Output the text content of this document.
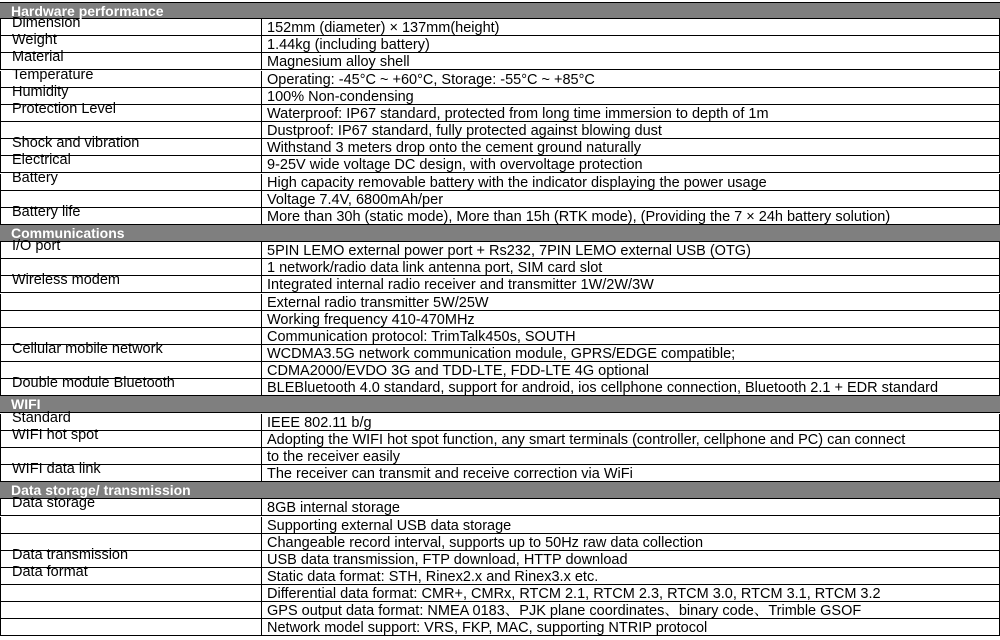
Hardware performance
Dimension	152mm (diameter) × 137mm(height)
Weight	1.44kg (including battery)
Material	Magnesium alloy shell
Temperature	Operating: -45°C ~ +60°C, Storage: -55°C ~ +85°C
Humidity	100% Non-condensing
Protection Level	Waterproof: IP67 standard, protected from long time immersion to depth of 1m
Dustproof: IP67 standard, fully protected against blowing dust
Shock and vibration	Withstand 3 meters drop onto the cement ground naturally
Electrical	9-25V wide voltage DC design, with overvoltage protection
Battery	High capacity removable battery with the indicator displaying the power usage
Voltage 7.4V, 6800mAh/per
Battery life	More than 30h (static mode), More than 15h (RTK mode), (Providing the 7 × 24h battery solution)
Communications
I/O port	5PIN LEMO external power port + Rs232, 7PIN LEMO external USB (OTG)
1 network/radio data link antenna port, SIM card slot
Wireless modem	Integrated internal radio receiver and transmitter 1W/2W/3W
External radio transmitter 5W/25W
Working frequency 410-470MHz
Communication protocol: TrimTalk450s, SOUTH
Cellular mobile network	WCDMA3.5G network communication module, GPRS/EDGE compatible;
CDMA2000/EVDO 3G and TDD-LTE, FDD-LTE 4G optional
Double module Bluetooth	BLEBluetooth 4.0 standard, support for android, ios cellphone connection, Bluetooth 2.1 + EDR standard
WIFI
Standard	IEEE 802.11 b/g
WIFI hot spot	Adopting the WIFI hot spot function, any smart terminals (controller, cellphone and PC) can connect
to the receiver easily
WIFI data link	The receiver can transmit and receive correction via WiFi
Data storage/ transmission
Data storage	8GB internal storage
Supporting external USB data storage
Changeable record interval, supports up to 50Hz raw data collection
Data transmission	USB data transmission, FTP download, HTTP download
Data format	Static data format: STH, Rinex2.x and Rinex3.x etc.
Differential data format: CMR+, CMRx, RTCM 2.1, RTCM 2.3, RTCM 3.0, RTCM 3.1, RTCM 3.2
GPS output data format: NMEA 0183、PJK plane coordinates、binary code、Trimble GSOF
Network model support: VRS, FKP, MAC, supporting NTRIP protocol
